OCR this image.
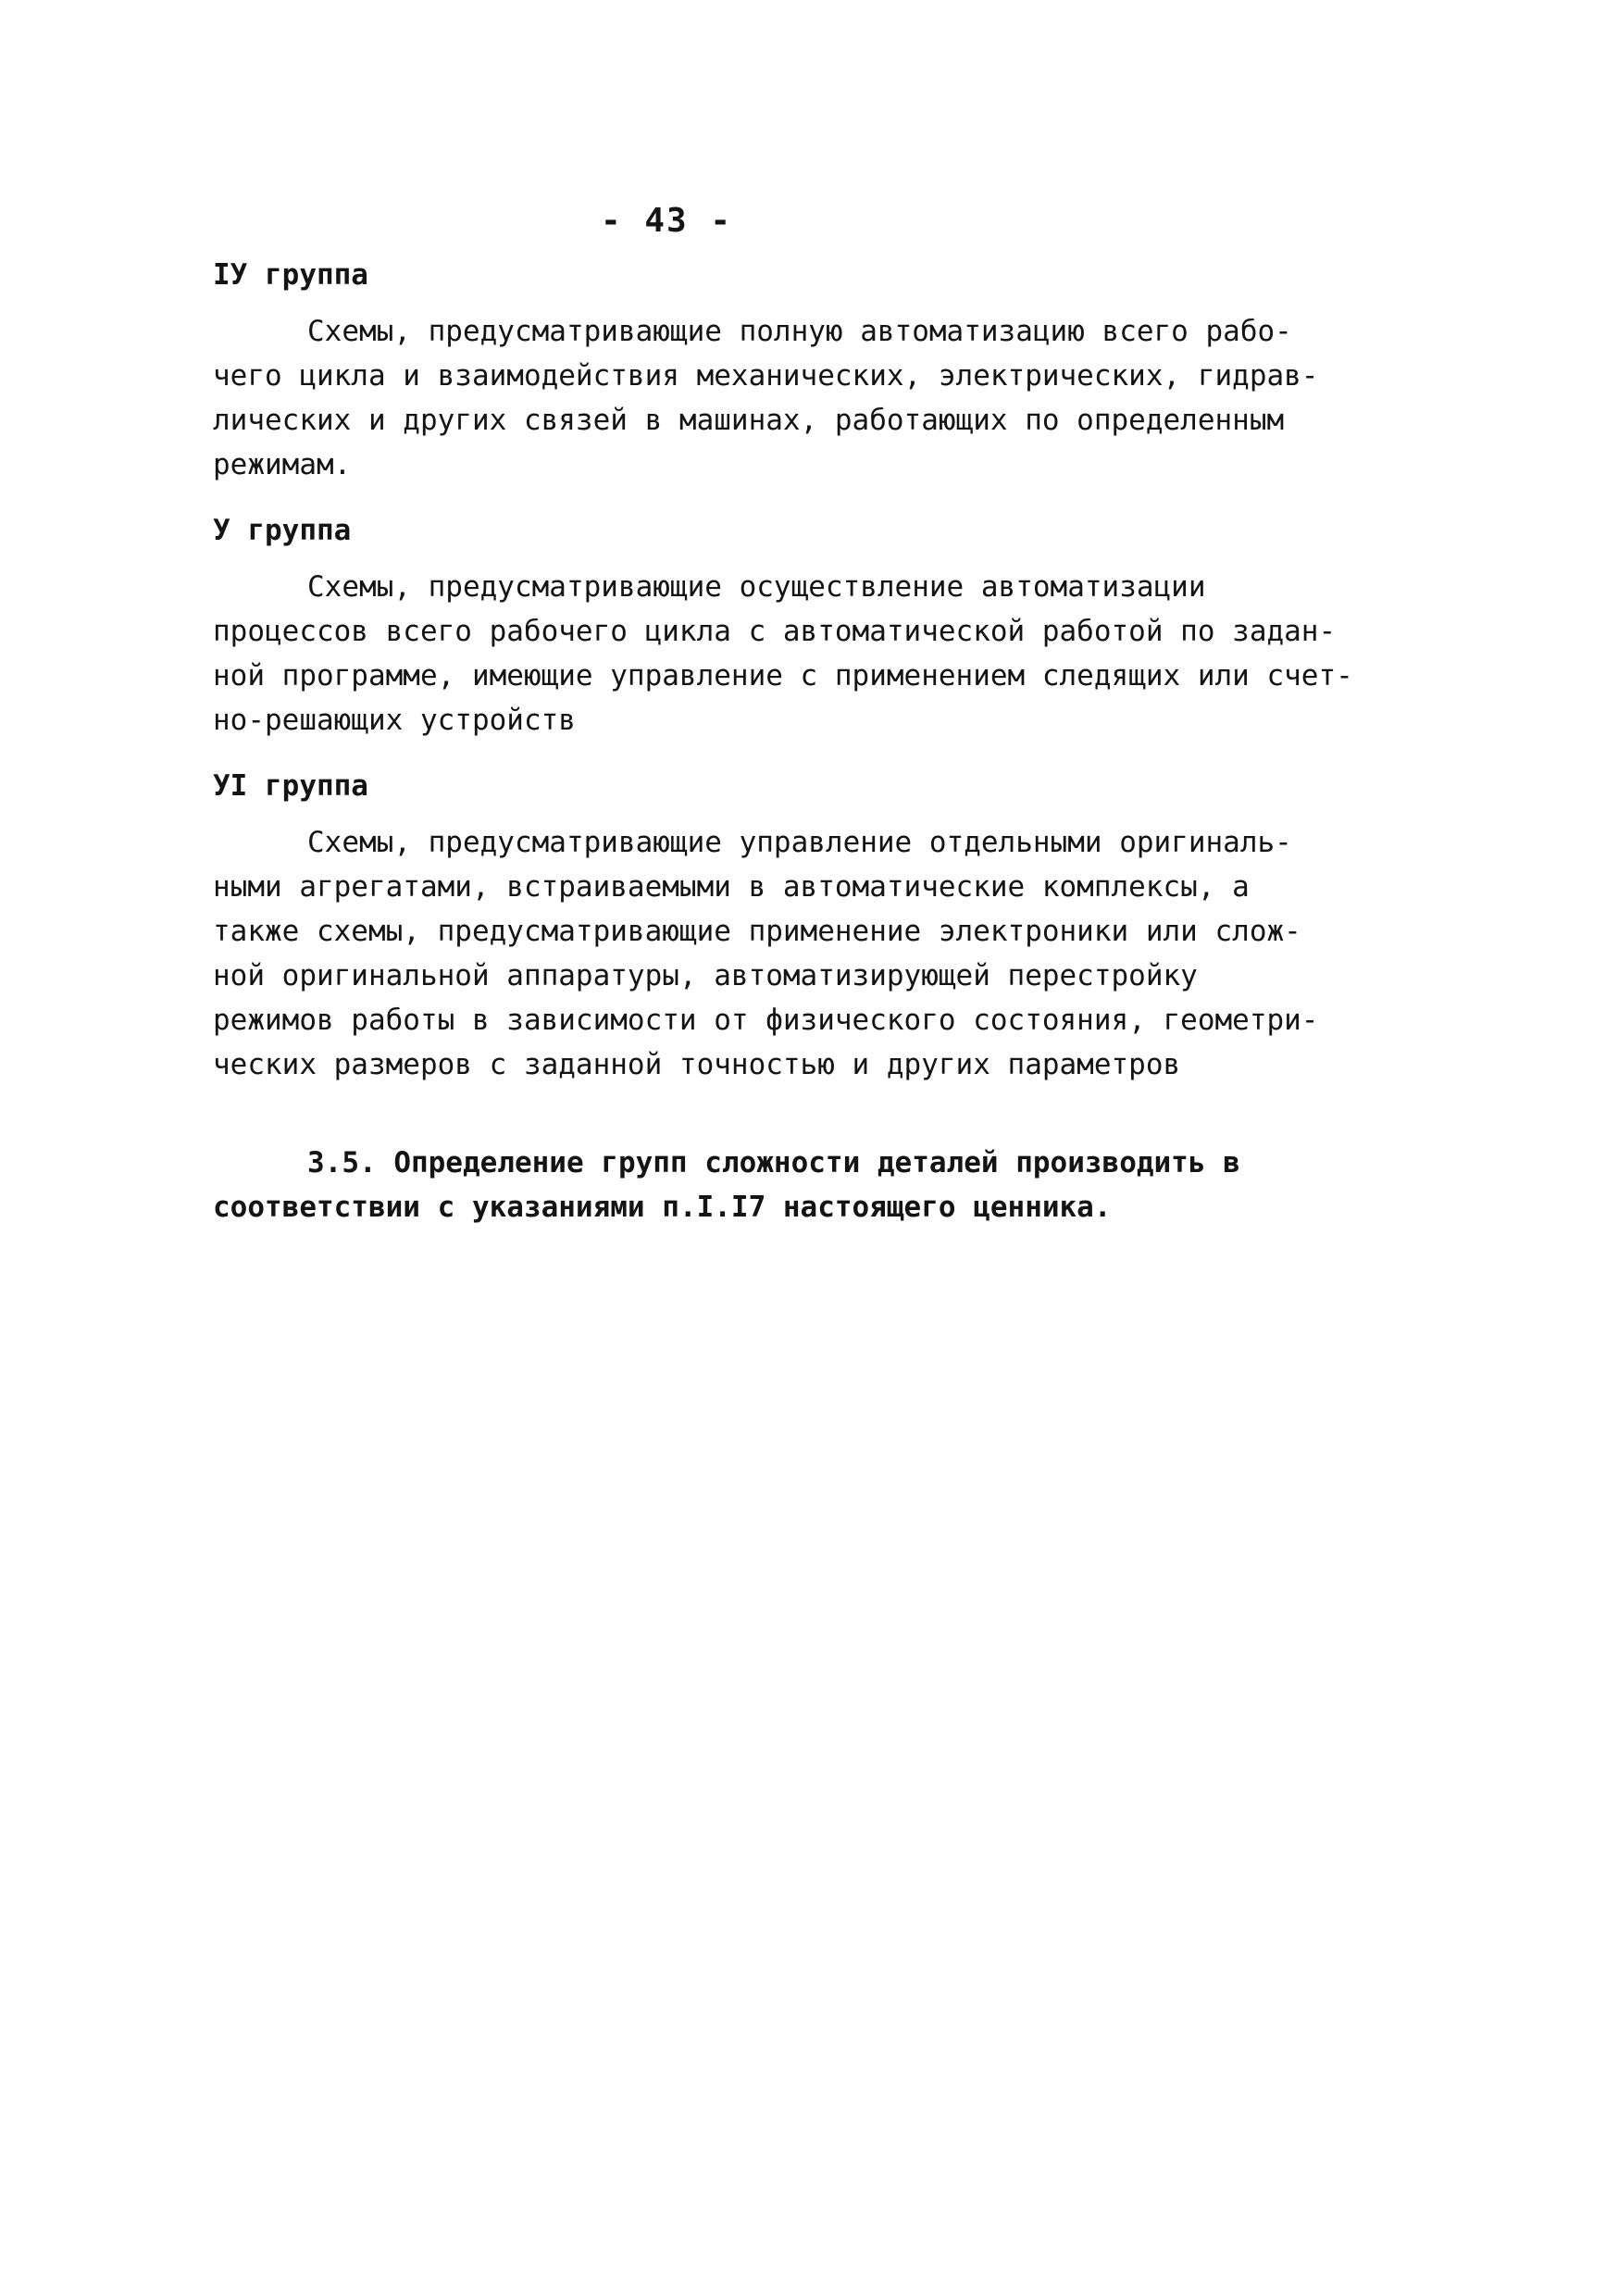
- 43 -
IУ группа
Схемы, предусматривающие полную автоматизацию всего рабо-
чего цикла и взаимодействия механических, электрических, гидрав-
лических и других связей в машинах, работающих по определенным
режимам.
У группа
Схемы, предусматривающие осуществление автоматизации
процессов всего рабочего цикла с автоматической работой по задан-
ной программе, имеющие управление с применением следящих или счет-
но-решающих устройств
УI группа
Схемы, предусматривающие управление отдельными оригиналь-
ными агрегатами, встраиваемыми в автоматические комплексы, а
также схемы, предусматривающие применение электроники или слож-
ной оригинальной аппаратуры, автоматизирующей перестройку
режимов работы в зависимости от физического состояния, геометри-
ческих размеров с заданной точностью и других параметров
3.5. Определение групп сложности деталей производить в
соответствии с указаниями п.I.I7 настоящего ценника.
